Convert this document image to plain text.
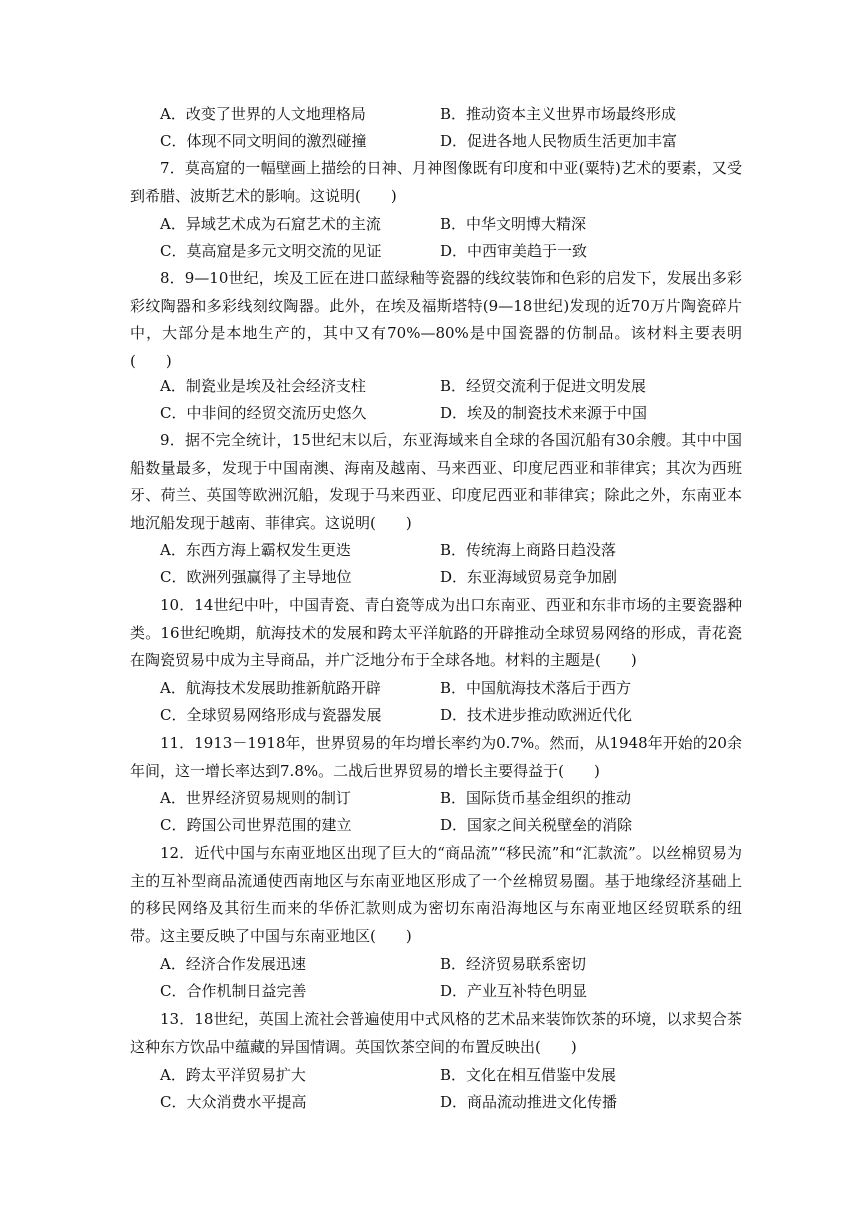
A．改变了世界的人文地理格局	B．推动资本主义世界市场最终形成
C．体现不同文明间的激烈碰撞	D．促进各地人民物质生活更加丰富
7．莫高窟的一幅壁画上描绘的日神、月神图像既有印度和中亚(粟特)艺术的要素，又受到希腊、波斯艺术的影响。这说明(　　)
A．异域艺术成为石窟艺术的主流	B．中华文明博大精深
C．莫高窟是多元文明交流的见证	D．中西审美趋于一致
8．9—10世纪，埃及工匠在进口蓝绿釉等瓷器的线纹装饰和色彩的启发下，发展出多彩彩纹陶器和多彩线刻纹陶器。此外，在埃及福斯塔特(9—18世纪)发现的近70万片陶瓷碎片中，大部分是本地生产的，其中又有70%—80%是中国瓷器的仿制品。该材料主要表明(　　)
A．制瓷业是埃及社会经济支柱	B．经贸交流利于促进文明发展
C．中非间的经贸交流历史悠久	D．埃及的制瓷技术来源于中国
9．据不完全统计，15世纪末以后，东亚海域来自全球的各国沉船有30余艘。其中中国船数量最多，发现于中国南澳、海南及越南、马来西亚、印度尼西亚和菲律宾；其次为西班牙、荷兰、英国等欧洲沉船，发现于马来西亚、印度尼西亚和菲律宾；除此之外，东南亚本地沉船发现于越南、菲律宾。这说明(　　)
A．东西方海上霸权发生更迭	B．传统海上商路日趋没落
C．欧洲列强赢得了主导地位	D．东亚海域贸易竞争加剧
10．14世纪中叶，中国青瓷、青白瓷等成为出口东南亚、西亚和东非市场的主要瓷器种类。16世纪晚期，航海技术的发展和跨太平洋航路的开辟推动全球贸易网络的形成，青花瓷在陶瓷贸易中成为主导商品，并广泛地分布于全球各地。材料的主题是(　　)
A．航海技术发展助推新航路开辟	B．中国航海技术落后于西方
C．全球贸易网络形成与瓷器发展	D．技术进步推动欧洲近代化
11．1913－1918年，世界贸易的年均增长率约为0.7%。然而，从1948年开始的20余年间，这一增长率达到7.8%。二战后世界贸易的增长主要得益于(　　)
A．世界经济贸易规则的制订	B．国际货币基金组织的推动
C．跨国公司世界范围的建立	D．国家之间关税壁垒的消除
12．近代中国与东南亚地区出现了巨大的“商品流”“移民流”和“汇款流”。以丝棉贸易为主的互补型商品流通使西南地区与东南亚地区形成了一个丝棉贸易圈。基于地缘经济基础上的移民网络及其衍生而来的华侨汇款则成为密切东南沿海地区与东南亚地区经贸联系的纽带。这主要反映了中国与东南亚地区(　　)
A．经济合作发展迅速	B．经济贸易联系密切
C．合作机制日益完善	D．产业互补特色明显
13．18世纪，英国上流社会普遍使用中式风格的艺术品来装饰饮茶的环境，以求契合茶这种东方饮品中蕴藏的异国情调。英国饮茶空间的布置反映出(　　)
A．跨太平洋贸易扩大	B．文化在相互借鉴中发展
C．大众消费水平提高	D．商品流动推进文化传播
